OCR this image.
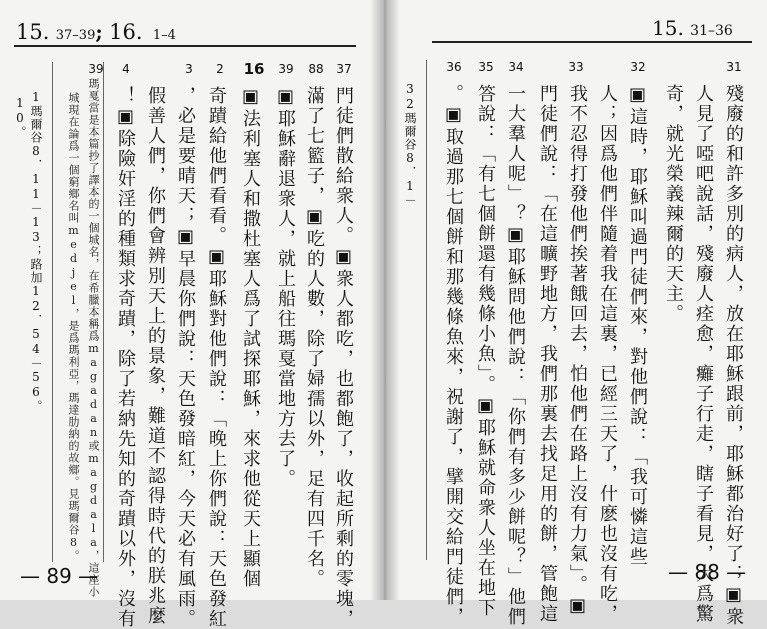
15. 37–39; 16. 1–4
37
88
39
16
2
3
4
門徒們散給衆人。▣衆人都吃，也都飽了，收起所剩的零塊，
滿了七籃子，▣吃的人數，除了婦孺以外，足有四千名。
▣耶穌辭退衆人，就上船往瑪戛當地方去了。
▣法利塞人和撒杜塞人爲了試探耶穌，來求他從天上顯個
奇蹟給他們看看。▣耶穌對他們說：「晚上你們說：天色發紅
，必是要晴天；▣早晨你們說：天色發暗紅，今天必有風雨。
假善人們，你們會辨別天上的景象，難道不認得時代的朕兆麼
！▣除險奸淫的種類求奇蹟，除了若納先知的奇蹟以外，沒有
39
瑪戛當是本篇抄了譯本的一個城名，在希臘本稱爲magadan或magdala，這座小
城現在論爲一個窮鄉名叫medjel，是爲瑪利亞，瑪達肋納的故鄉。見瑪爾谷8。
1瑪爾谷8．11－13；路加12．54－56。
10。
— 89 —
15. 31–36
32瑪爾谷8．1－
31
32
33
34
35
36
殘廢的和許多別的病人，放在耶穌跟前，耶穌都治好了；▣衆
人見了啞吧說話，殘廢人痊愈，癱子行走，瞎子看見，大爲驚
奇，就光榮義辣爾的天主。
▣這時，耶穌叫過門徒們來，對他們說：「我可憐這些
人；因爲他們伴隨着我在這裏，已經三天了，什麽也沒有吃，
我不忍得打發他們挨著餓回去，怕他們在路上沒有力氣」。▣
門徒們說：「在這曠野地方，我們那裏去找足用的餅，管飽這
一大羣人呢」？▣耶穌問他們說：「你們有多少餅呢？」他們
答說：「有七個餅還有幾條小魚」。▣耶穌就命衆人坐在地下
。▣取過那七個餅和那幾條魚來，祝謝了，擘開交給門徒們，	— 88 —
